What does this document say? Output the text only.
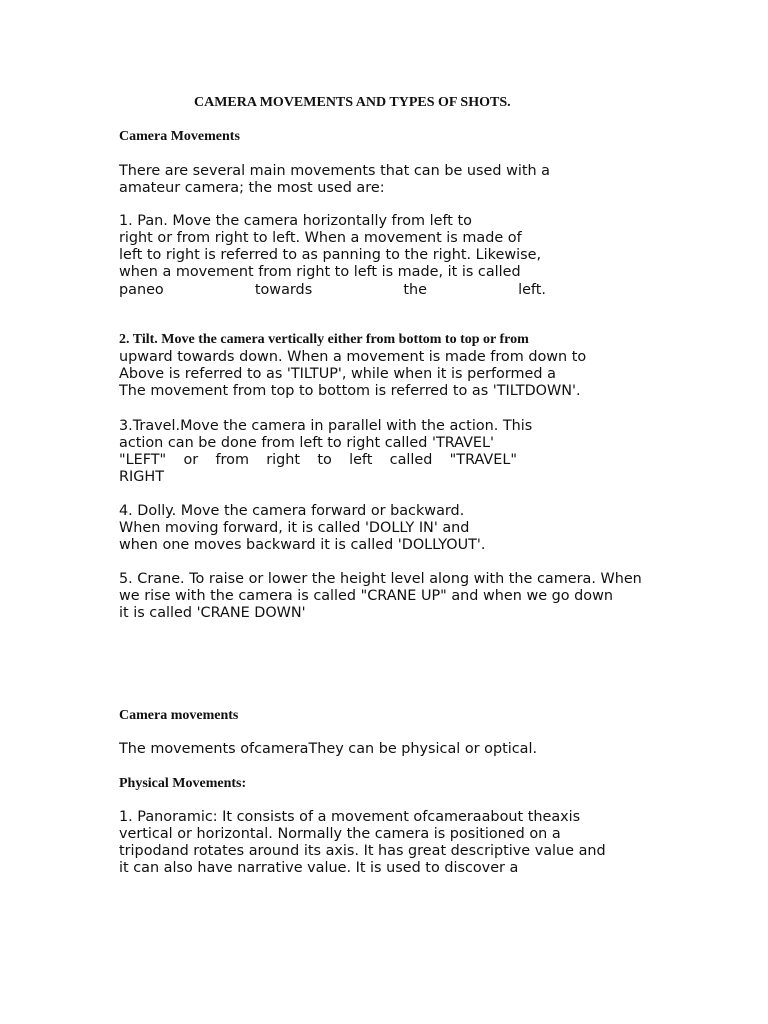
CAMERA MOVEMENTS AND TYPES OF SHOTS.
Camera Movements
There are several main movements that can be used with a
amateur camera; the most used are:
1. Pan. Move the camera horizontally from left to
right or from right to left. When a movement is made of
left to right is referred to as panning to the right. Likewise,
when a movement from right to left is made, it is called
paneo	towards	the	left.
2. Tilt. Move the camera vertically either from bottom to top or from
upward towards down. When a movement is made from down to
Above is referred to as 'TILTUP', while when it is performed a
The movement from top to bottom is referred to as 'TILTDOWN'.
3.Travel.Move the camera in parallel with the action. This
action can be done from left to right called 'TRAVEL'
"LEFT" or from right to left called "TRAVEL"
RIGHT
4. Dolly. Move the camera forward or backward.
When moving forward, it is called 'DOLLY IN' and
when one moves backward it is called 'DOLLYOUT'.
5. Crane. To raise or lower the height level along with the camera. When
we rise with the camera is called "CRANE UP" and when we go down
it is called 'CRANE DOWN'
Camera movements
The movements ofcameraThey can be physical or optical.
Physical Movements:
1. Panoramic: It consists of a movement ofcameraabout theaxis
vertical or horizontal. Normally the camera is positioned on a
tripodand rotates around its axis. It has great descriptive value and
it can also have narrative value. It is used to discover a
